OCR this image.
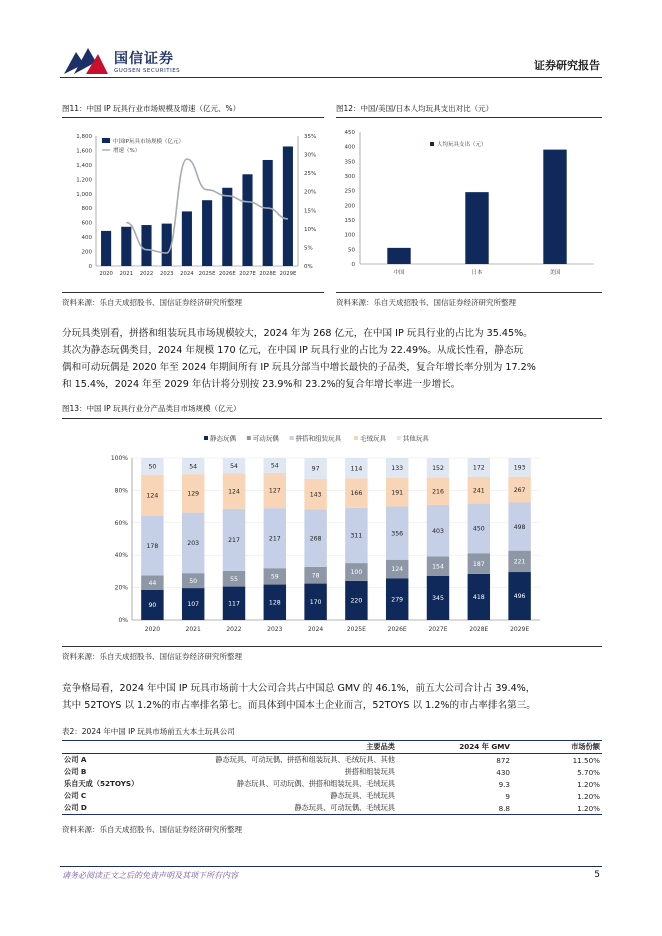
国信证券
GUOSEN SECURITIES	证券研究报告
图11：中国 IP 玩具行业市场规模及增速（亿元、%）
0
200
400
600
800
1,000
1,200
1,400
1,600
1,800
0%
5%
10%
15%
20%
25%
30%
35%
2020 2021 2022 2023 2024 2025E 2026E 2027E 2028E 2029E
中国IP玩具市场规模（亿元）
增速（%）
资料来源：乐自天成招股书、国信证券经济研究所整理
图12：中国/美国/日本人均玩具支出对比（元）
0
50
100
150
200
250
300
350
400
450
中国	日本	美国
人均玩具支出（元）
资料来源：乐自天成招股书、国信证券经济研究所整理

分玩具类别看，拼搭和组装玩具市场规模较大，2024 年为 268 亿元，在中国 IP 玩具行业的占比为 35.45%。

其次为静态玩偶类目，2024 年规模 170 亿元，在中国 IP 玩具行业的占比为 22.49%。从成长性看，静态玩

偶和可动玩偶是 2020 年至 2024 年期间所有 IP 玩具分部当中增长最快的子品类，复合年增长率分别为 17.2%

和 15.4%，2024 年至 2029 年估计将分别按 23.9%和 23.2%的复合年增长率进一步增长。

图13：中国 IP 玩具行业分产品类目市场规模（亿元）
静态玩偶	可动玩偶	拼搭和组装玩具	毛绒玩具	其他玩具
0%
20%
40%
60%
80%
100%
90
44
178
124
50
2020
107
50
203
129
54
2021
117
55
217
124
54
2022
128
59
217
127
54
2023
170
78
268
143
97
2024
220
100
311
166
114
2025E
279
124
356
191
133
2026E
345
154
403
216
152
2027E
418
187
450
241
172
2028E
496
221
498
267
193
2029E
资料来源：乐自天成招股书、国信证券经济研究所整理

竞争格局看，2024 年中国 IP 玩具市场前十大公司合共占中国总 GMV 的 46.1%，前五大公司合计占 39.4%，

其中 52TOYS 以 1.2%的市占率排名第七。而具体到中国本土企业而言，52TOYS 以 1.2%的市占率排名第三。

表2：2024 年中国 IP 玩具市场前五大本土玩具公司
	主要品类	2024 年 GMV	市场份额
公司 A	静态玩具、可动玩偶、拼搭和组装玩具、毛绒玩具、其他	872	11.50%
公司 B	拼搭和组装玩具	430	5.70%
乐自天成（52TOYS）	静态玩具、可动玩偶、拼搭和组装玩具、毛绒玩具	9.3	1.20%
公司 C	静态玩具、毛绒玩具	9	1.20%
公司 D	静态玩具、可动玩偶、毛绒玩具	8.8	1.20%
资料来源：乐自天成招股书、国信证券经济研究所整理
请务必阅读正文之后的免责声明及其项下所有内容	5
